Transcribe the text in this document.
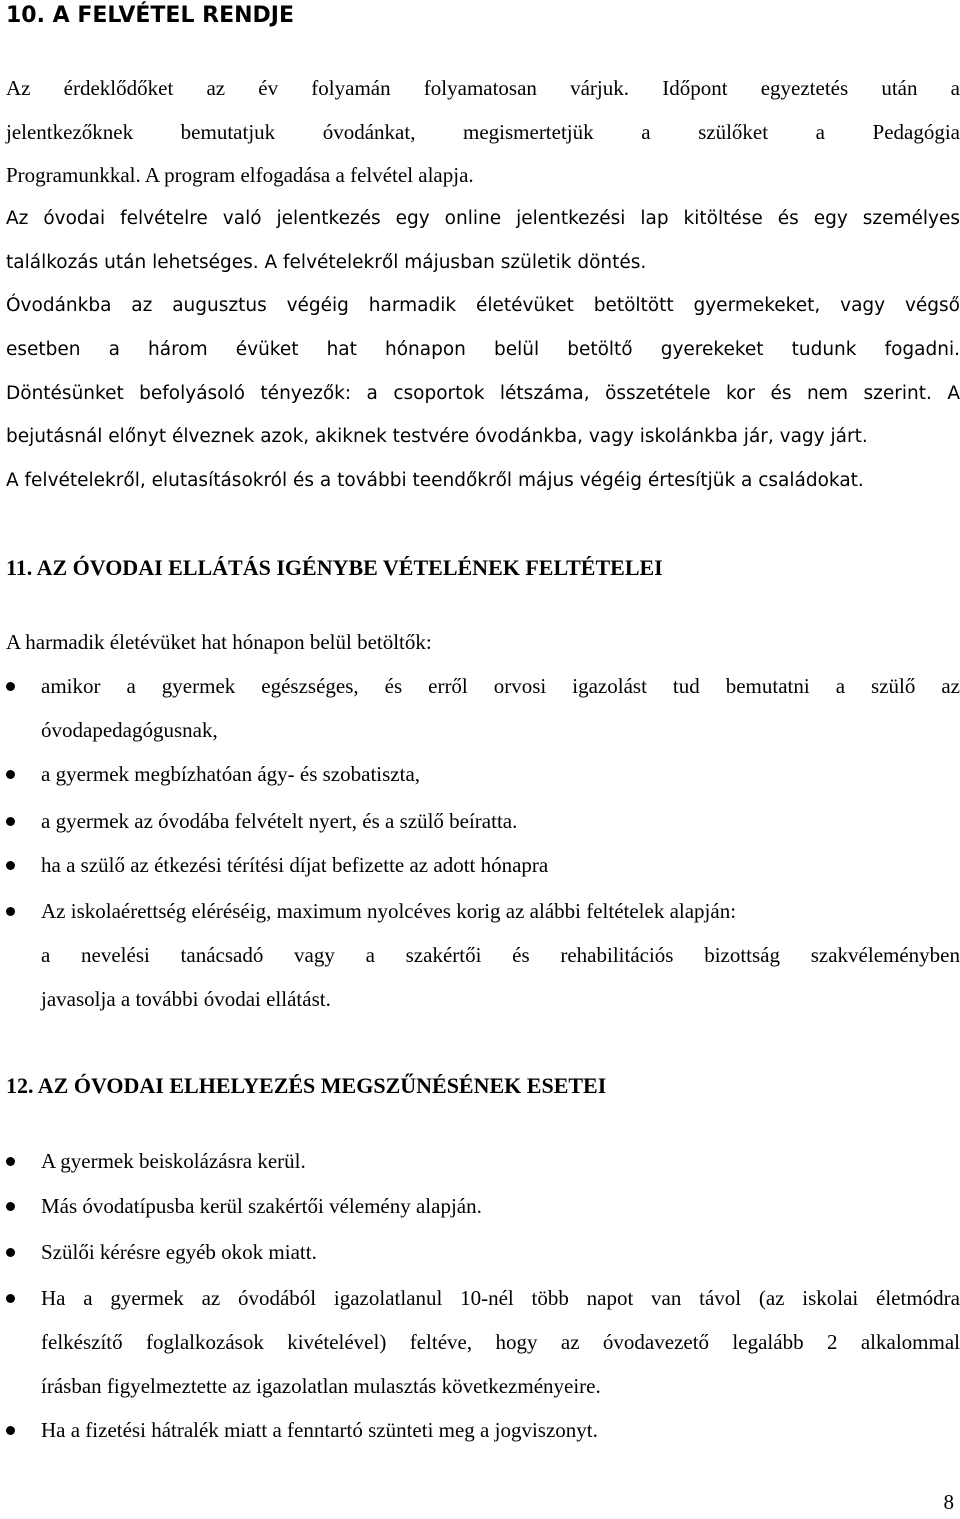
10. A FELVÉTEL RENDJE
Az érdeklődőket az év folyamán folyamatosan várjuk. Időpont egyeztetés után a
jelentkezőknek bemutatjuk óvodánkat, megismertetjük a szülőket a Pedagógia
Programunkkal. A program elfogadása a felvétel alapja.
Az óvodai felvételre való jelentkezés egy online jelentkezési lap kitöltése és egy személyes
találkozás után lehetséges. A felvételekről májusban születik döntés.
Óvodánkba az augusztus végéig harmadik életévüket betöltött gyermekeket, vagy végső
esetben a három évüket hat hónapon belül betöltő gyerekeket tudunk fogadni.
Döntésünket befolyásoló tényezők: a csoportok létszáma, összetétele kor és nem szerint. A
bejutásnál előnyt élveznek azok, akiknek testvére óvodánkba, vagy iskolánkba jár, vagy járt.
A felvételekről, elutasításokról és a további teendőkről május végéig értesítjük a családokat.
11. AZ ÓVODAI ELLÁTÁS IGÉNYBE VÉTELÉNEK FELTÉTELEI
A harmadik életévüket hat hónapon belül betöltők:
amikor a gyermek egészséges, és erről orvosi igazolást tud bemutatni a szülő az
óvodapedagógusnak,
a gyermek megbízhatóan ágy- és szobatiszta,
a gyermek az óvodába felvételt nyert, és a szülő beíratta.
ha a szülő az étkezési térítési díjat befizette az adott hónapra
Az iskolaérettség eléréséig, maximum nyolcéves korig az alábbi feltételek alapján:
a nevelési tanácsadó vagy a szakértői és rehabilitációs bizottság szakvéleményben
javasolja a további óvodai ellátást.
12. AZ ÓVODAI ELHELYEZÉS MEGSZŰNÉSÉNEK ESETEI
A gyermek beiskolázásra kerül.
Más óvodatípusba kerül szakértői vélemény alapján.
Szülői kérésre egyéb okok miatt.
Ha a gyermek az óvodából igazolatlanul 10-nél több napot van távol (az iskolai életmódra
felkészítő foglalkozások kivételével) feltéve, hogy az óvodavezető legalább 2 alkalommal
írásban figyelmeztette az igazolatlan mulasztás következményeire.
Ha a fizetési hátralék miatt a fenntartó szünteti meg a jogviszonyt.
8
